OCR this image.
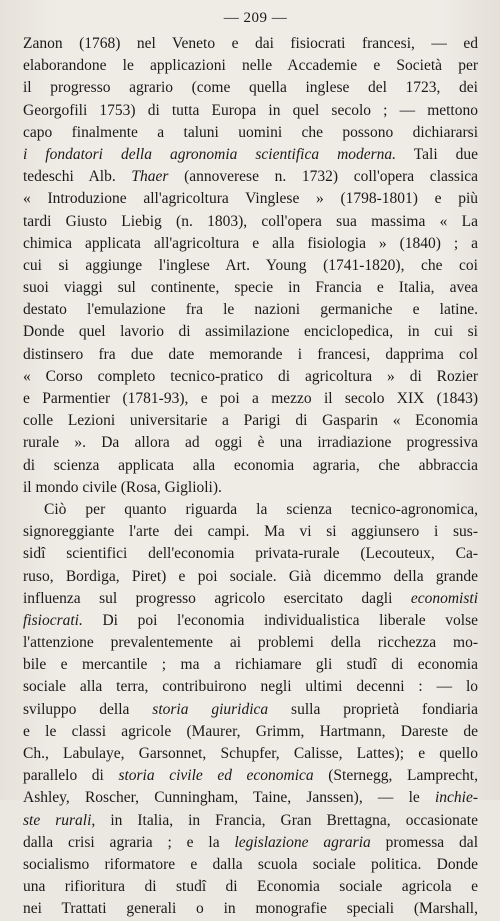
— 209 —
Zanon (1768) nel Veneto e dai fisiocrati francesi, — ed
elaborandone le applicazioni nelle Accademie e Società per
il progresso agrario (come quella inglese del 1723, dei
Georgofili 1753) di tutta Europa in quel secolo ; — mettono
capo finalmente a taluni uomini che possono dichiararsi
i fondatori della agronomia scientifica moderna. Tali due
tedeschi Alb. Thaer (annoverese n. 1732) coll'opera classica
« Introduzione all'agricoltura Vinglese » (1798-1801) e più
tardi Giusto Liebig (n. 1803), coll'opera sua massima « La
chimica applicata all'agricoltura e alla fisiologia » (1840) ; a
cui si aggiunge l'inglese Art. Young (1741-1820), che coi
suoi viaggi sul continente, specie in Francia e Italia, avea
destato l'emulazione fra le nazioni germaniche e latine.
Donde quel lavorio di assimilazione enciclopedica, in cui si
distinsero fra due date memorande i francesi, dapprima col
« Corso completo tecnico-pratico di agricoltura » di Rozier
e Parmentier (1781-93), e poi a mezzo il secolo XIX (1843)
colle Lezioni universitarie a Parigi di Gasparin « Economia
rurale ». Da allora ad oggi è una irradiazione progressiva
di scienza applicata alla economia agraria, che abbraccia
il mondo civile (Rosa, Giglioli).
Ciò per quanto riguarda la scienza tecnico-agronomica,
signoreggiante l'arte dei campi. Ma vi si aggiunsero i sus-
sidî scientifici dell'economia privata-rurale (Lecouteux, Ca-
ruso, Bordiga, Piret) e poi sociale. Già dicemmo della grande
influenza sul progresso agricolo esercitato dagli economisti
fisiocrati. Di poi l'economia individualistica liberale volse
l'attenzione prevalentemente ai problemi della ricchezza mo-
bile e mercantile ; ma a richiamare gli studî di economia
sociale alla terra, contribuirono negli ultimi decenni : — lo
sviluppo della storia giuridica sulla proprietà fondiaria
e le classi agricole (Maurer, Grimm, Hartmann, Dareste de
Ch., Labulaye, Garsonnet, Schupfer, Calisse, Lattes); e quello
parallelo di storia civile ed economica (Sternegg, Lamprecht,
Ashley, Roscher, Cunningham, Taine, Janssen), — le inchie-
ste rurali, in Italia, in Francia, Gran Brettagna, occasionate
dalla crisi agraria ; e la legislazione agraria promessa dal
socialismo riformatore e dalla scuola sociale politica. Donde
una rifioritura di studî di Economia sociale agricola e
nei Trattati generali o in monografie speciali (Marshall,
